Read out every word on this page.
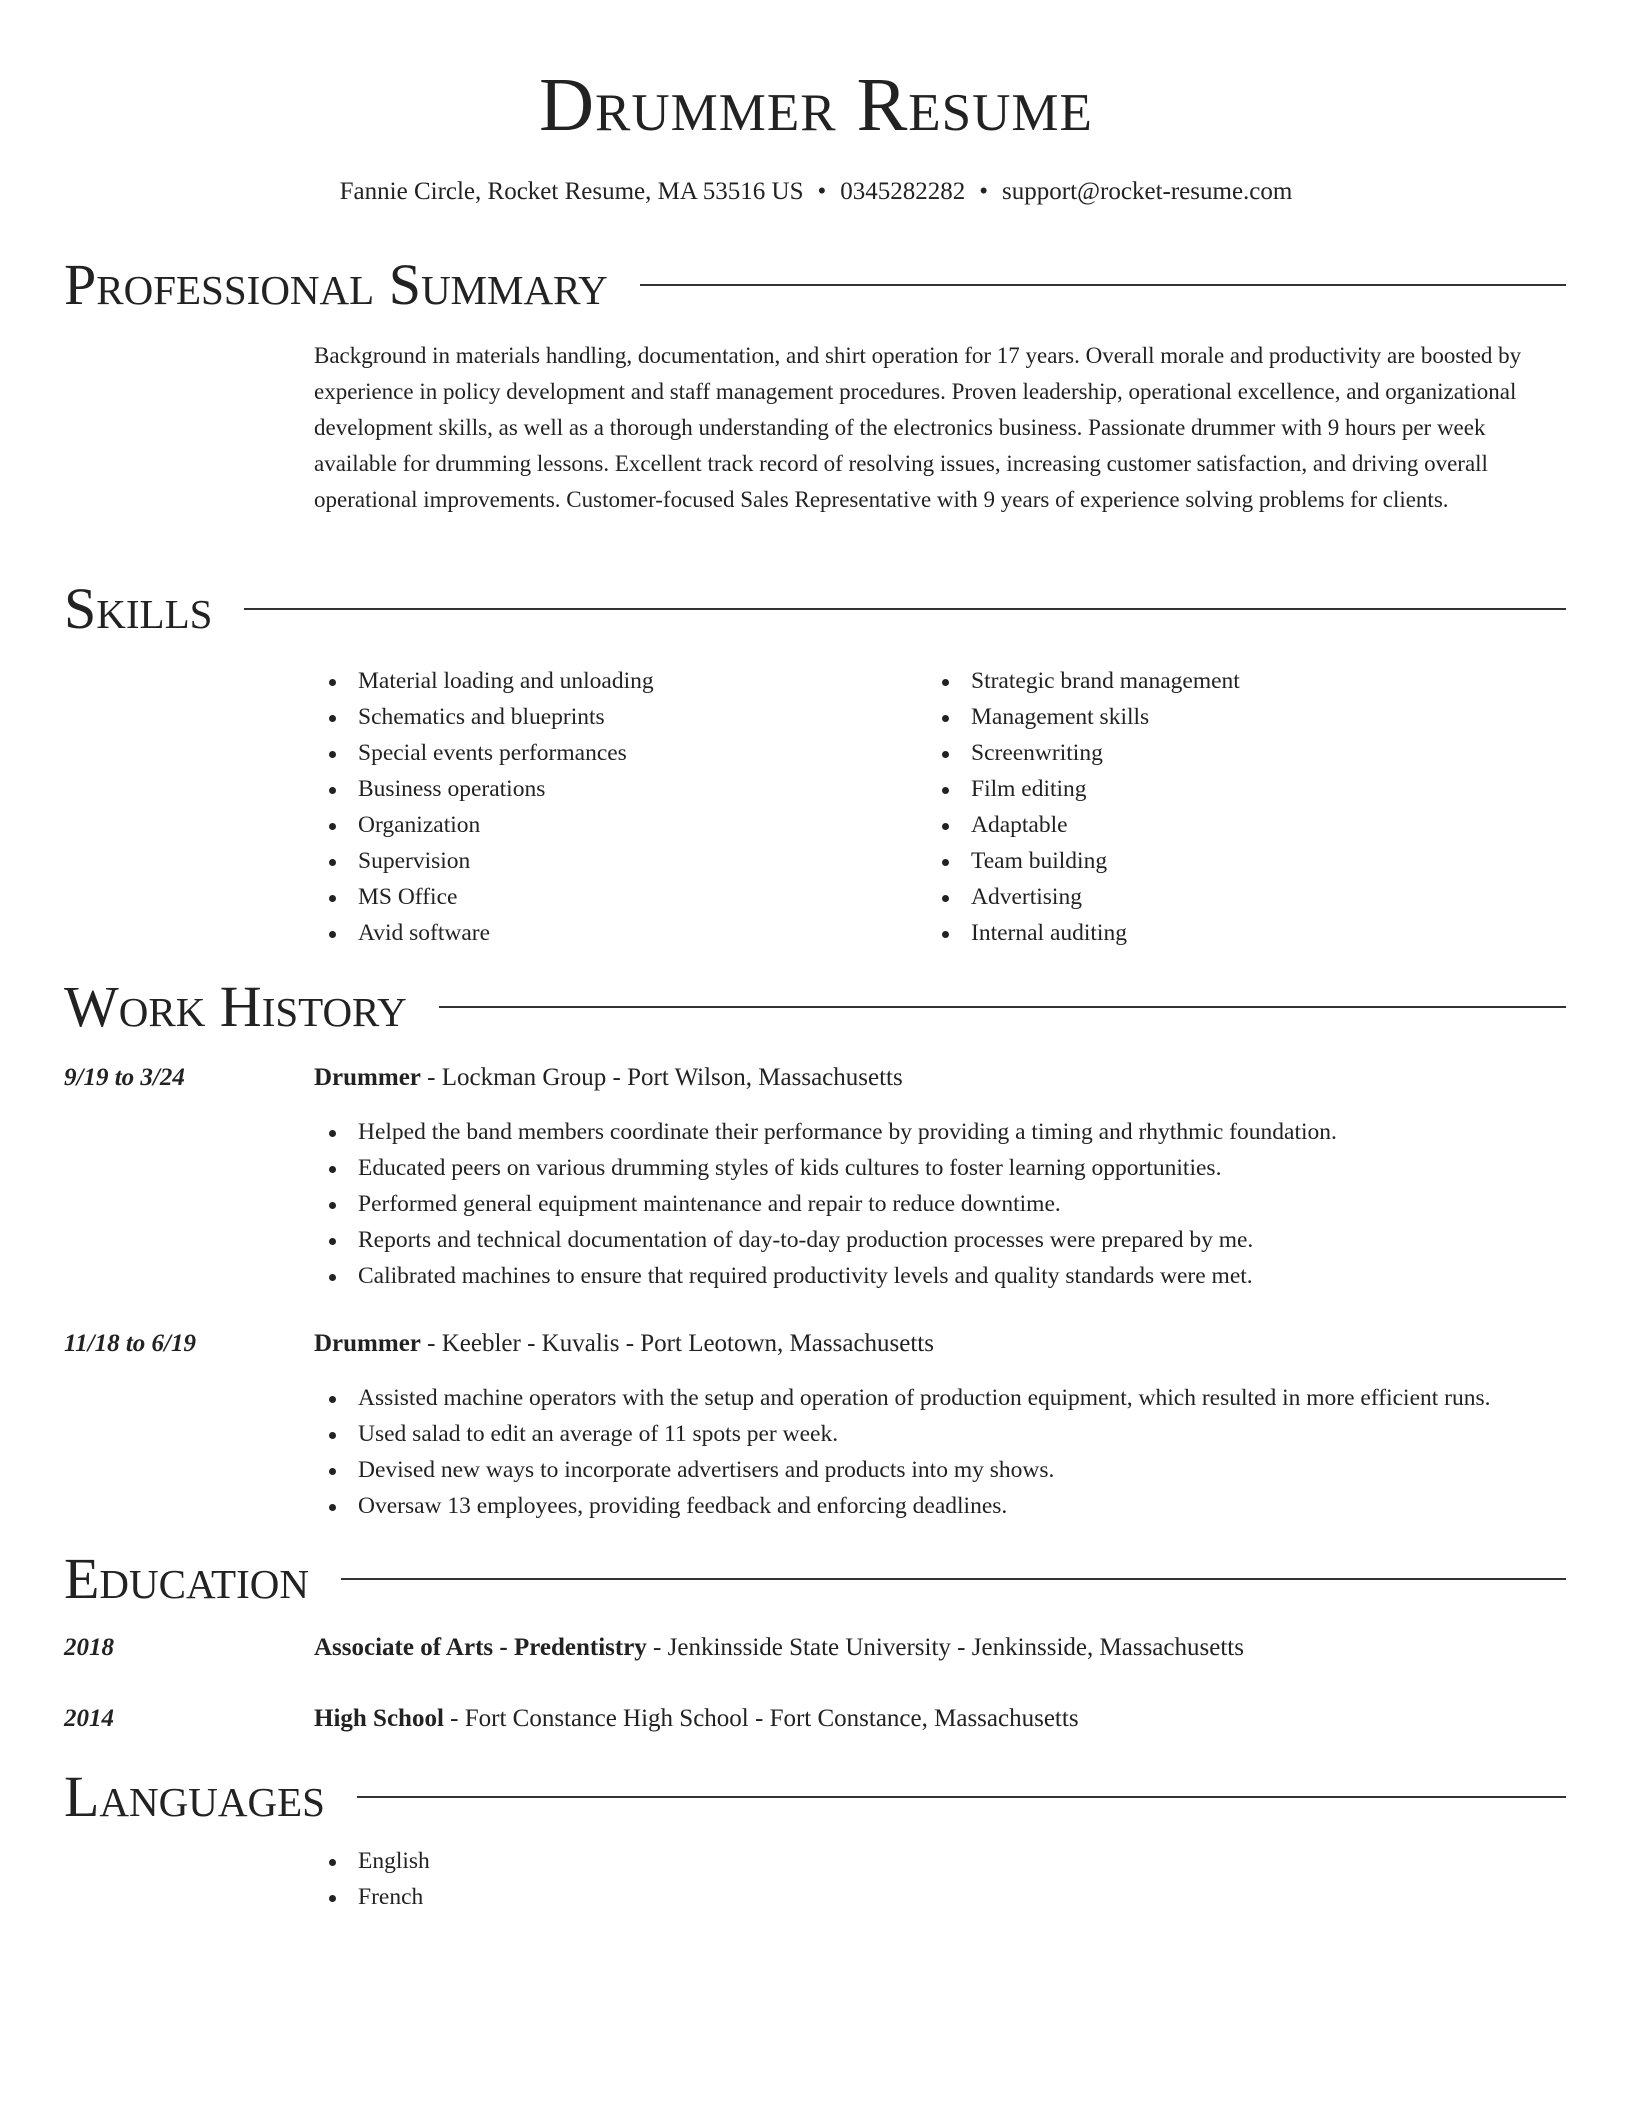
Drummer Resume
Fannie Circle, Rocket Resume, MA 53516 US • 0345282282 • support@rocket-resume.com
Professional Summary

Background in materials handling, documentation, and shirt operation for 17 years. Overall morale and productivity are boosted by experience in policy development and staff management procedures. Proven leadership, operational excellence, and organizational development skills, as well as a thorough understanding of the electronics business. Passionate drummer with 9 hours per week available for drumming lessons. Excellent track record of resolving issues, increasing customer satisfaction, and driving overall operational improvements. Customer-focused Sales Representative with 9 years of experience solving problems for clients.

Skills
Material loading and unloading
Schematics and blueprints
Special events performances
Business operations
Organization
Supervision
MS Office
Avid software
Strategic brand management
Management skills
Screenwriting
Film editing
Adaptable
Team building
Advertising
Internal auditing
Work History
9/19 to 3/24	Drummer - Lockman Group - Port Wilson, Massachusetts
Helped the band members coordinate their performance by providing a timing and rhythmic foundation.
Educated peers on various drumming styles of kids cultures to foster learning opportunities.
Performed general equipment maintenance and repair to reduce downtime.
Reports and technical documentation of day-to-day production processes were prepared by me.
Calibrated machines to ensure that required productivity levels and quality standards were met.
11/18 to 6/19	Drummer - Keebler - Kuvalis - Port Leotown, Massachusetts
Assisted machine operators with the setup and operation of production equipment, which resulted in more efficient runs.
Used salad to edit an average of 11 spots per week.
Devised new ways to incorporate advertisers and products into my shows.
Oversaw 13 employees, providing feedback and enforcing deadlines.
Education
2018	Associate of Arts - Predentistry - Jenkinsside State University - Jenkinsside, Massachusetts
2014	High School - Fort Constance High School - Fort Constance, Massachusetts
Languages
English
French
